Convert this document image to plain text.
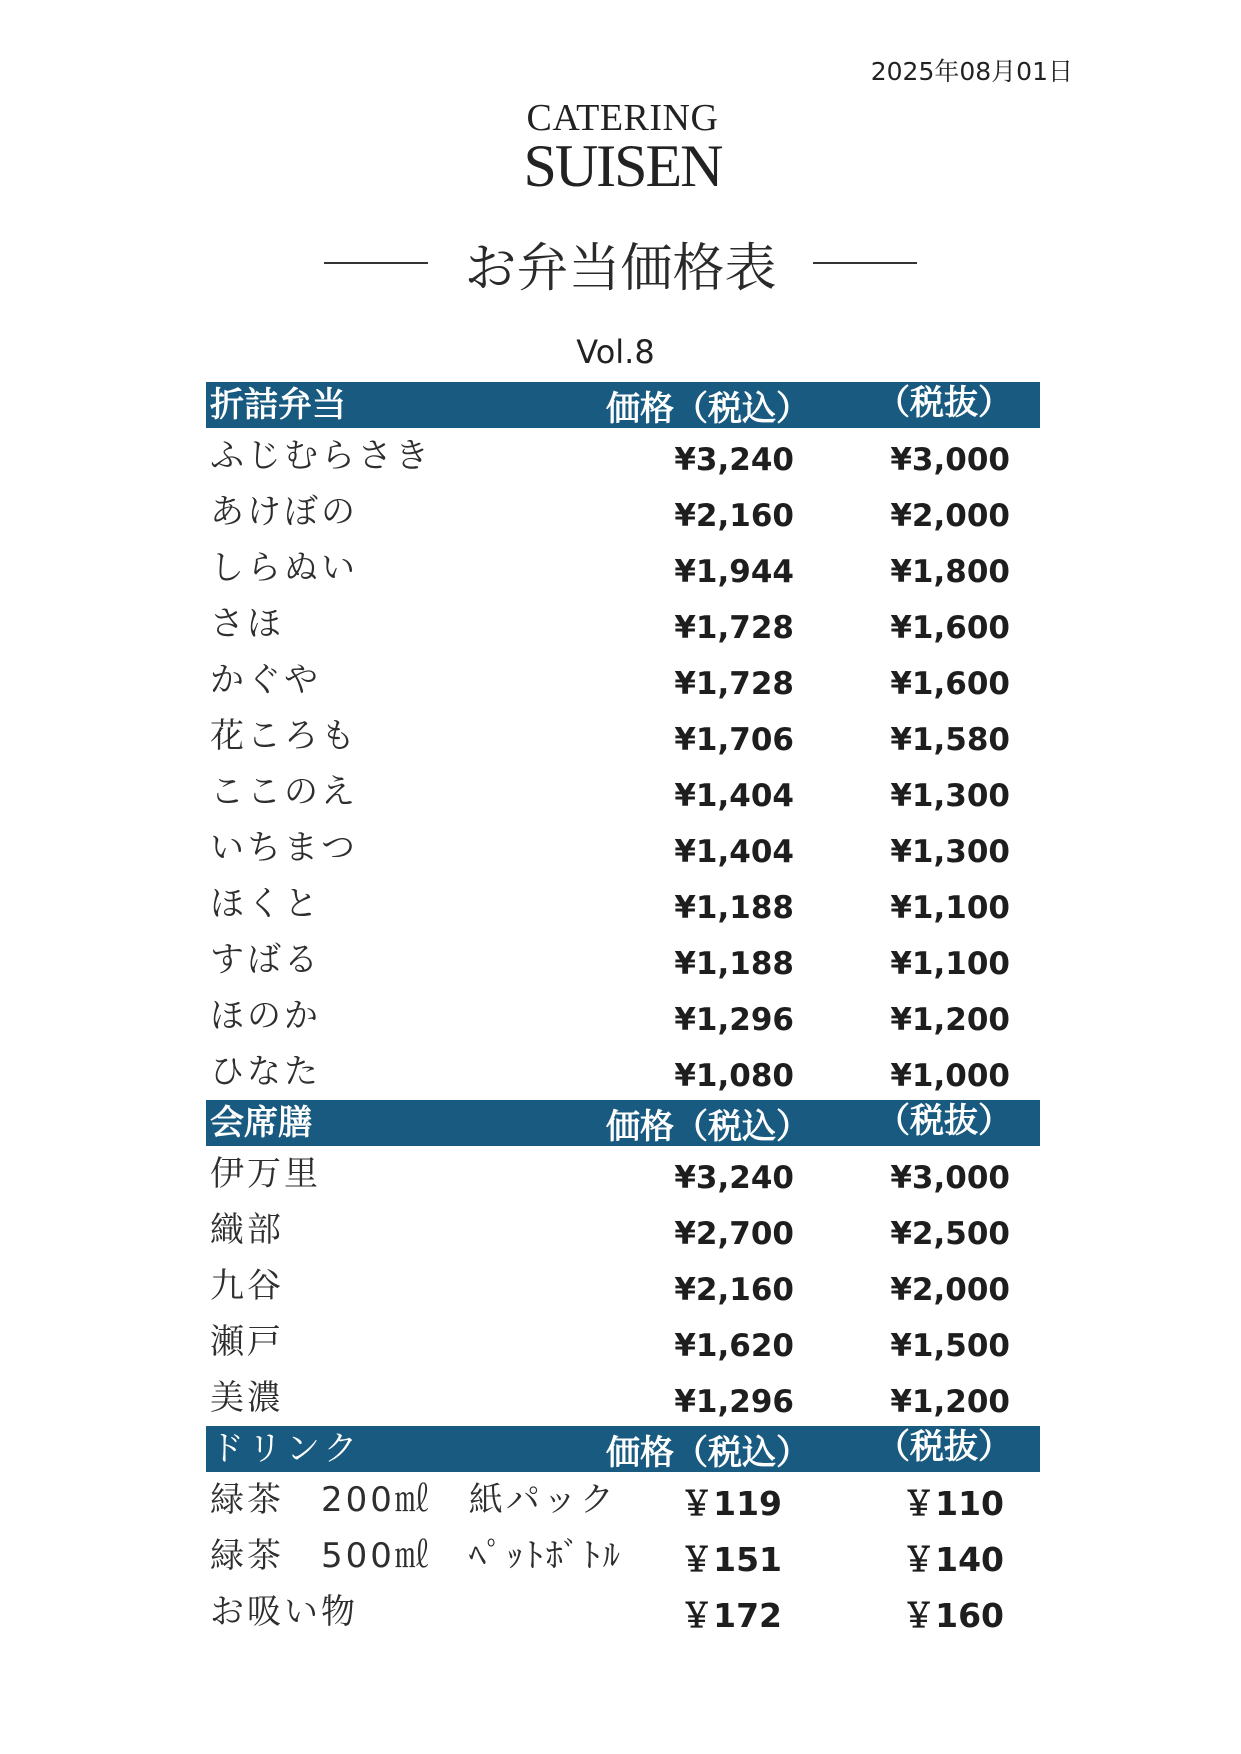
2025年08月01日
CATERING
SUISEN
お弁当価格表
Vol.8
折詰弁当	価格（税込） （税抜）
ふじむらさき	¥3,240	¥3,000
あけぼの	¥2,160	¥2,000
しらぬい	¥1,944	¥1,800
さほ	¥1,728	¥1,600
かぐや	¥1,728	¥1,600
花ころも	¥1,706	¥1,580
ここのえ	¥1,404	¥1,300
いちまつ	¥1,404	¥1,300
ほくと	¥1,188	¥1,100
すばる	¥1,188	¥1,100
ほのか	¥1,296	¥1,200
ひなた	¥1,080	¥1,000
会席膳	価格（税込） （税抜）
伊万里	¥3,240	¥3,000
織部	¥2,700	¥2,500
九谷	¥2,160	¥2,000
瀬戸	¥1,620	¥1,500
美濃	¥1,296	¥1,200
ドリンク	価格（税込） （税抜）
緑茶　200㎖　紙パック ￥119	￥110
緑茶　500㎖　ﾍﾟｯﾄﾎﾞﾄﾙ ￥151	￥140
お吸い物	￥172	￥160
